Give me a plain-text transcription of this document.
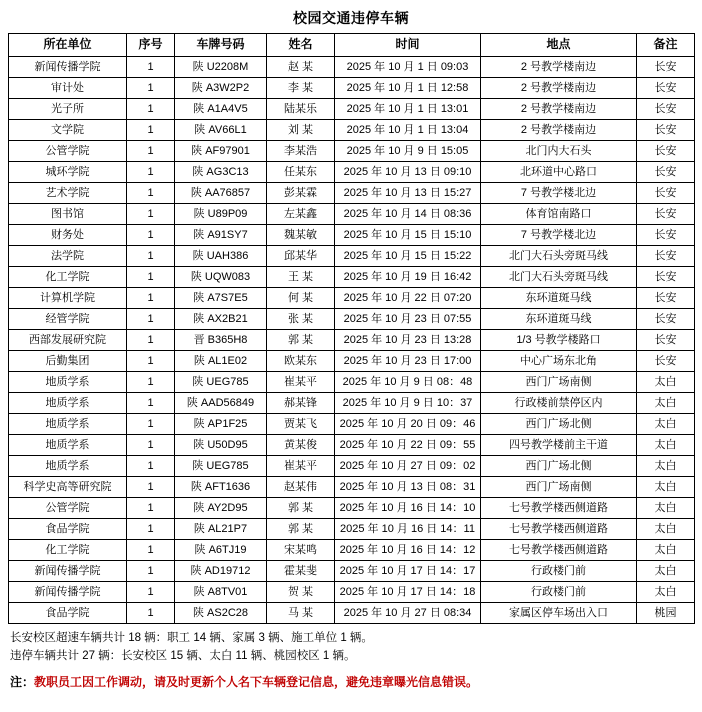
校园交通违停车辆
所在单位	序号	车牌号码	姓名	时间	地点	备注
新闻传播学院	1	陕 U2208M	赵 某	2025 年 10 月 1 日 09:03	2 号教学楼南边	长安
审计处	1	陕 A3W2P2	李 某	2025 年 10 月 1 日 12:58	2 号教学楼南边	长安
光子所	1	陕 A1A4V5	陆某乐	2025 年 10 月 1 日 13:01	2 号教学楼南边	长安
文学院	1	陕 AV66L1	刘 某	2025 年 10 月 1 日 13:04	2 号教学楼南边	长安
公管学院	1	陕 AF97901	李某浩	2025 年 10 月 9 日 15:05	北门内大石头	长安
城环学院	1	陕 AG3C13	任某东	2025 年 10 月 13 日 09:10	北环道中心路口	长安
艺术学院	1	陕 AA76857	彭某霖	2025 年 10 月 13 日 15:27	7 号教学楼北边	长安
图书馆	1	陕 U89P09	左某鑫	2025 年 10 月 14 日 08:36	体育馆南路口	长安
财务处	1	陕 A91SY7	魏某敏	2025 年 10 月 15 日 15:10	7 号教学楼北边	长安
法学院	1	陕 UAH386	邱某华	2025 年 10 月 15 日 15:22	北门大石头旁斑马线	长安
化工学院	1	陕 UQW083	王 某	2025 年 10 月 19 日 16:42	北门大石头旁斑马线	长安
计算机学院	1	陕 A7S7E5	何 某	2025 年 10 月 22 日 07:20	东环道斑马线	长安
经管学院	1	陕 AX2B21	张 某	2025 年 10 月 23 日 07:55	东环道斑马线	长安
西部发展研究院	1	晋 B365H8	郭 某	2025 年 10 月 23 日 13:28	1/3 号教学楼路口	长安
后勤集团	1	陕 AL1E02	欧某东	2025 年 10 月 23 日 17:00	中心广场东北角	长安
地质学系	1	陕 UEG785	崔某平	2025 年 10 月 9 日 08：48	西门广场南侧	太白
地质学系	1	陕 AAD56849	郝某锋	2025 年 10 月 9 日 10：37	行政楼前禁停区内	太白
地质学系	1	陕 AP1F25	贾某飞	2025 年 10 月 20 日 09：46	西门广场北侧	太白
地质学系	1	陕 U50D95	黄某俊	2025 年 10 月 22 日 09：55	四号教学楼前主干道	太白
地质学系	1	陕 UEG785	崔某平	2025 年 10 月 27 日 09：02	西门广场北侧	太白
科学史高等研究院	1	陕 AFT1636	赵某伟	2025 年 10 月 13 日 08：31	西门广场南侧	太白
公管学院	1	陕 AY2D95	郭 某	2025 年 10 月 16 日 14：10	七号教学楼西侧道路	太白
食品学院	1	陕 AL21P7	郭 某	2025 年 10 月 16 日 14：11	七号教学楼西侧道路	太白
化工学院	1	陕 A6TJ19	宋某鸣	2025 年 10 月 16 日 14：12	七号教学楼西侧道路	太白
新闻传播学院	1	陕 AD19712	霍某斐	2025 年 10 月 17 日 14：17	行政楼门前	太白
新闻传播学院	1	陕 A8TV01	贺 某	2025 年 10 月 17 日 14：18	行政楼门前	太白
食品学院	1	陕 AS2C28	马 某	2025 年 10 月 27 日 08:34	家属区停车场出入口	桃园
长安校区超速车辆共计 18 辆：职工 14 辆、家属 3 辆、施工单位 1 辆。
违停车辆共计 27 辆：长安校区 15 辆、太白 11 辆、桃园校区 1 辆。
注：教职员工因工作调动，请及时更新个人名下车辆登记信息，避免违章曝光信息错误。
